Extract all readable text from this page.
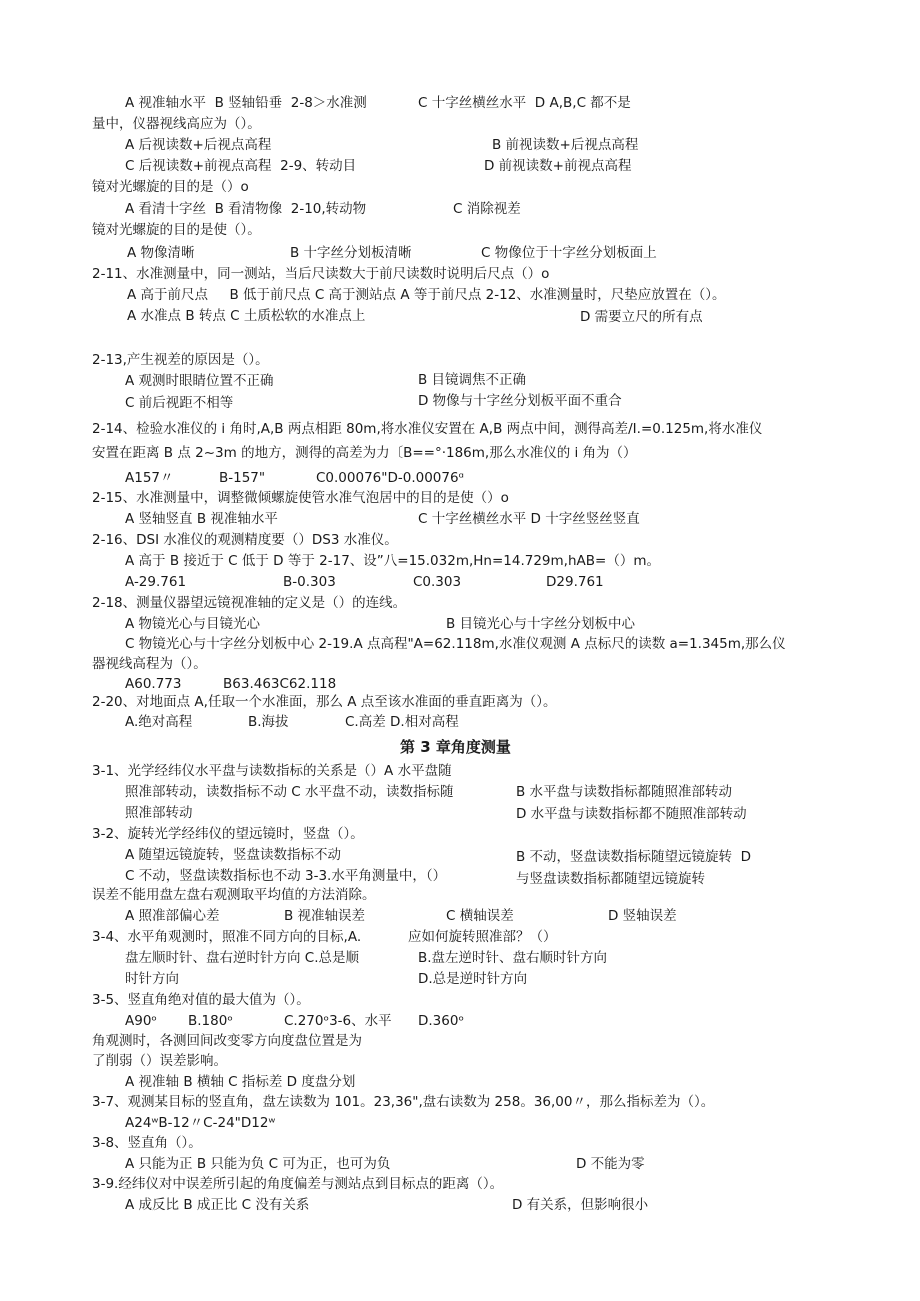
A 视准轴水平  B 竖轴铅垂  2-8＞水准测	C 十字丝横丝水平  D A,B,C 都不是
量中，仪器视线高应为（）。
A 后视读数+后视点高程	B 前视读数+后视点高程
C 后视读数+前视点高程  2-9、转动目	D 前视读数+前视点高程
镜对光螺旋的目的是（）o
A 看清十字丝  B 看清物像  2-10,转动物	C 消除视差
镜对光螺旋的目的是使（）。
A 物像清晰	B 十字丝分划板清晰	C 物像位于十字丝分划板面上
2-11、水准测量中，同一测站，当后尺读数大于前尺读数时说明后尺点（）o
A 高于前尺点     B 低于前尺点 C 高于测站点 A 等于前尺点 2-12、水准测量时，尺垫应放置在（）。
A 水准点 B 转点 C 土质松软的水准点上	D 需要立尺的所有点
2-13,产生视差的原因是（）。
A 观测时眼睛位置不正确	B 目镜调焦不正确
C 前后视距不相等	D 物像与十字丝分划板平面不重合
2-14、检验水准仪的 i 角时,A,B 两点相距 80m,将水准仪安置在 A,B 两点中间，测得高差/I.=0.125m,将水准仪
安置在距离 B 点 2~3m 的地方，测得的高差为力〔B==°·186m,那么水准仪的 i 角为（）
A157〃	B-157"	C0.00076"D-0.00076ᵅ
2-15、水准测量中，调整微倾螺旋使管水准气泡居中的目的是使（）o
A 竖轴竖直 B 视准轴水平	C 十字丝横丝水平 D 十字丝竖丝竖直
2-16、DSI 水准仪的观测精度要（）DS3 水准仪。
A 高于 B 接近于 C 低于 D 等于 2-17、设”八=15.032m,Hn=14.729m,hAB=（）m。
A-29.761	B-0.303	C0.303	D29.761
2-18、测量仪器望远镜视准轴的定义是（）的连线。
A 物镜光心与目镜光心	B 目镜光心与十字丝分划板中心
C 物镜光心与十字丝分划板中心 2-19.A 点高程"A=62.118m,水准仪观测 A 点标尺的读数 a=1.345m,那么仪
器视线高程为（）。
A60.773	B63.463C62.118
2-20、对地面点 A,任取一个水准面，那么 A 点至该水准面的垂直距离为（）。
A.绝对高程	B.海拔	C.高差 D.相对高程
第 3 章角度测量
3-1、光学经纬仪水平盘与读数指标的关系是（）A 水平盘随
照准部转动，读数指标不动 C 水平盘不动，读数指标随	B 水平盘与读数指标都随照准部转动
照准部转动	D 水平盘与读数指标都不随照准部转动
3-2、旋转光学经纬仪的望远镜时，竖盘（）。
A 随望远镜旋转，竖盘读数指标不动	B 不动，竖盘读数指标随望远镜旋转  D
C 不动，竖盘读数指标也不动 3-3.水平角测量中，（）	与竖盘读数指标都随望远镜旋转
误差不能用盘左盘右观测取平均值的方法消除。
A 照准部偏心差	B 视准轴误差	C 横轴误差	D 竖轴误差
3-4、水平角观测时，照准不同方向的目标,A.	应如何旋转照准部？（）
盘左顺时针、盘右逆时针方向 C.总是顺	B.盘左逆时针、盘右顺时针方向
时针方向	D.总是逆时针方向
3-5、竖直角绝对值的最大值为（）。
A90ᵒ B.180ᵒ	C.270ᵒ3-6、水平 D.360ᵒ
角观测时，各测回间改变零方向度盘位置是为
了削弱（）误差影响。
A 视准轴 B 横轴 C 指标差 D 度盘分划
3-7、观测某目标的竖直角，盘左读数为 101。23,36",盘右读数为 258。36,00〃，那么指标差为（）。
A24ʷB-12〃C-24"D12ʷ
3-8、竖直角（）。
A 只能为正 B 只能为负 C 可为正，也可为负	D 不能为零
3-9.经纬仪对中误差所引起的角度偏差与测站点到目标点的距离（）。
A 成反比 B 成正比 C 没有关系	D 有关系，但影响很小
